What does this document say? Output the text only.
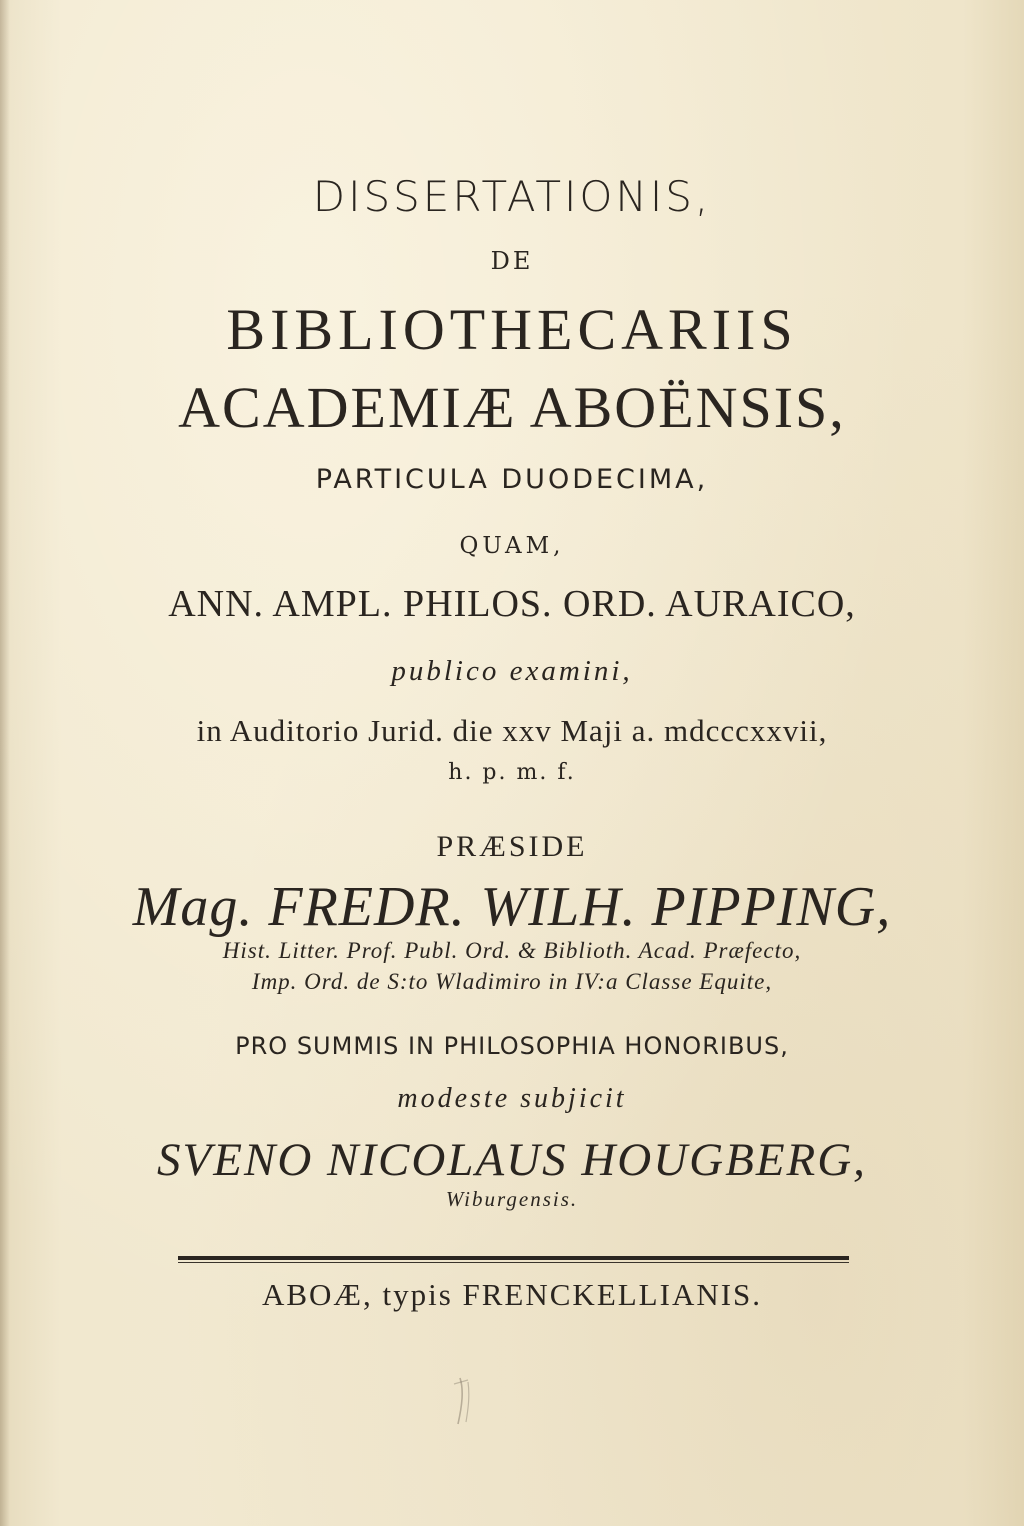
DISSERTATIONIS,
DE
BIBLIOTHECARIIS
ACADEMIÆ ABOËNSIS,
PARTICULA DUODECIMA,
QUAM,
ANN. AMPL. PHILOS. ORD. AURAICO,
publico examini,
in Auditorio Jurid. die xxv Maji a. mdcccxxvii,
h. p. m. f.
PRÆSIDE
Mag. FREDR. WILH. PIPPING,
Hist. Litter. Prof. Publ. Ord. & Biblioth. Acad. Præfecto,
Imp. Ord. de S:to Wladimiro in IV:a Classe Equite,
PRO SUMMIS IN PHILOSOPHIA HONORIBUS,
modeste subjicit
SVENO NICOLAUS HOUGBERG,
Wiburgensis.
ABOÆ, typis FRENCKELLIANIS.
